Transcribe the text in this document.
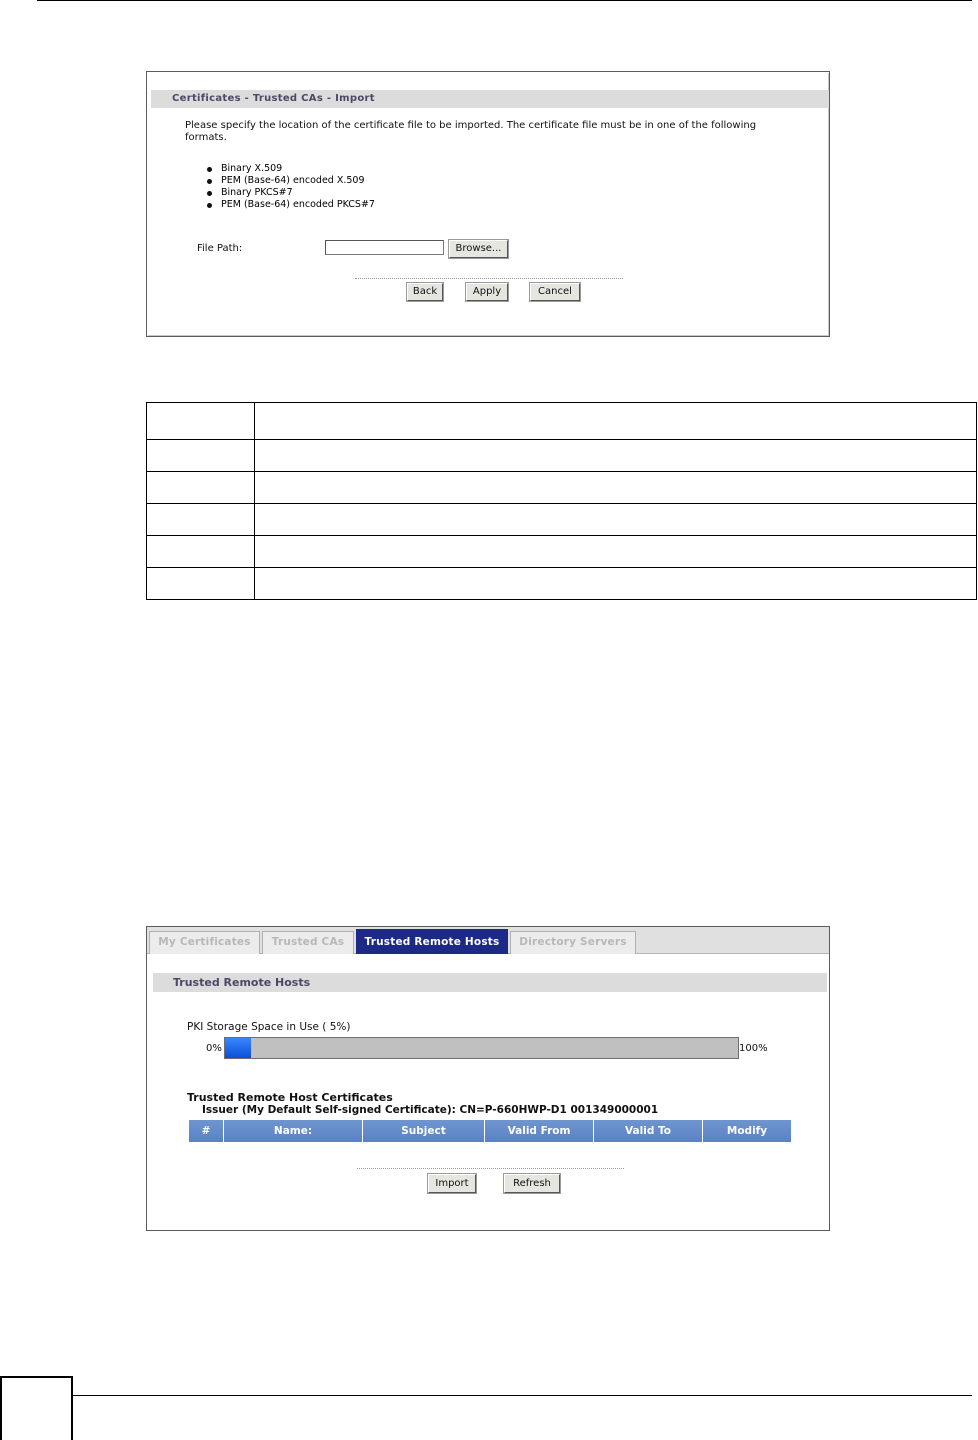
Certificates - Trusted CAs - Import
Please specify the location of the certificate file to be imported. The certificate file must be in one of the following formats.
Binary X.509
PEM (Base-64) encoded X.509
Binary PKCS#7
PEM (Base-64) encoded PKCS#7
File Path:	Browse...
Back	Apply	Cancel

My Certificates	Trusted CAs	Trusted Remote Hosts	Directory Servers
Trusted Remote Hosts
PKI Storage Space in Use ( 5%)
0%	100%
Trusted Remote Host Certificates
Issuer (My Default Self-signed Certificate): CN=P-660HWP-D1 001349000001
#	Name:	Subject	Valid From	Valid To	Modify
Import	Refresh
